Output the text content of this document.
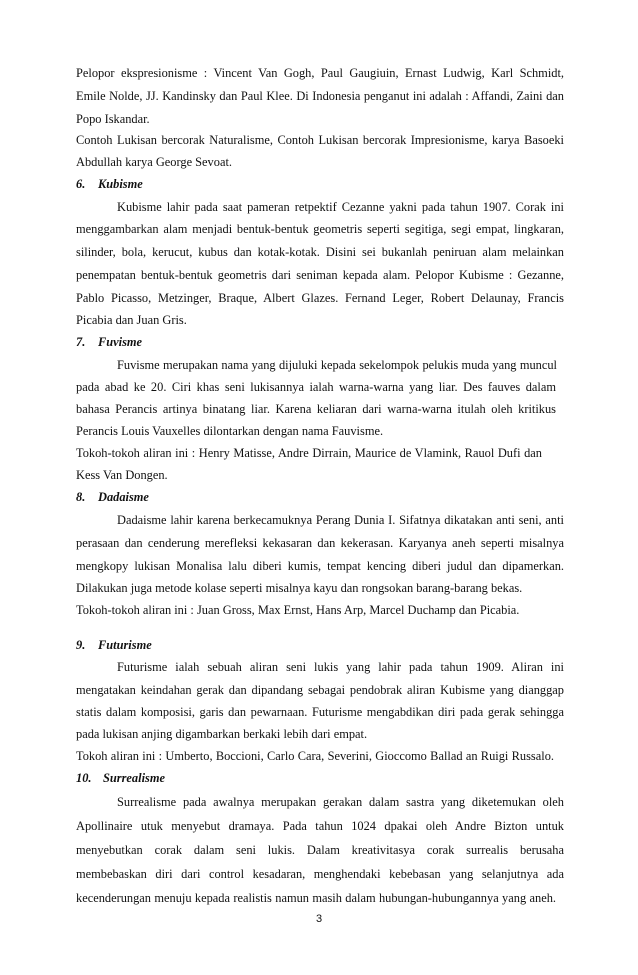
Pelopor ekspresionisme : Vincent Van Gogh, Paul Gaugiuin, Ernast Ludwig, Karl Schmidt,
Emile Nolde, JJ. Kandinsky dan Paul Klee. Di Indonesia penganut ini adalah : Affandi, Zaini dan
Popo Iskandar.
Contoh Lukisan bercorak Naturalisme, Contoh Lukisan bercorak Impresionisme, karya Basoeki
Abdullah karya George Sevoat.
6. Kubisme
Kubisme lahir pada saat pameran retpektif Cezanne yakni pada tahun 1907. Corak ini
menggambarkan alam menjadi bentuk-bentuk geometris seperti segitiga, segi empat, lingkaran,
silinder, bola, kerucut, kubus dan kotak-kotak. Disini sei bukanlah peniruan alam melainkan
penempatan bentuk-bentuk geometris dari seniman kepada alam. Pelopor Kubisme : Gezanne,
Pablo Picasso, Metzinger, Braque, Albert Glazes. Fernand Leger, Robert Delaunay, Francis
Picabia dan Juan Gris.
7. Fuvisme
Fuvisme merupakan nama yang dijuluki kepada sekelompok pelukis muda yang muncul
pada abad ke 20. Ciri khas seni lukisannya ialah warna-warna yang liar. Des fauves dalam
bahasa Perancis artinya binatang liar. Karena keliaran dari warna-warna itulah oleh kritikus
Perancis Louis Vauxelles dilontarkan dengan nama Fauvisme.
Tokoh-tokoh aliran ini : Henry Matisse, Andre Dirrain, Maurice de Vlamink, Rauol Dufi dan
Kess Van Dongen.
8. Dadaisme
Dadaisme lahir karena berkecamuknya Perang Dunia I. Sifatnya dikatakan anti seni, anti
perasaan dan cenderung merefleksi kekasaran dan kekerasan. Karyanya aneh seperti misalnya
mengkopy lukisan Monalisa lalu diberi kumis, tempat kencing diberi judul dan dipamerkan.
Dilakukan juga metode kolase seperti misalnya kayu dan rongsokan barang-barang bekas.
Tokoh-tokoh aliran ini : Juan Gross, Max Ernst, Hans Arp, Marcel Duchamp dan Picabia.
9. Futurisme
Futurisme ialah sebuah aliran seni lukis yang lahir pada tahun 1909. Aliran ini
mengatakan keindahan gerak dan dipandang sebagai pendobrak aliran Kubisme yang dianggap
statis dalam komposisi, garis dan pewarnaan. Futurisme mengabdikan diri pada gerak sehingga
pada lukisan anjing digambarkan berkaki lebih dari empat.
Tokoh aliran ini : Umberto, Boccioni, Carlo Cara, Severini, Gioccomo Ballad an Ruigi Russalo.
10. Surrealisme
Surrealisme pada awalnya merupakan gerakan dalam sastra yang diketemukan oleh
Apollinaire utuk menyebut dramaya. Pada tahun 1024 dpakai oleh Andre Bizton untuk
menyebutkan corak dalam seni lukis. Dalam kreativitasya corak surrealis berusaha
membebaskan diri dari control kesadaran, menghendaki kebebasan yang selanjutnya ada
kecenderungan menuju kepada realistis namun masih dalam hubungan-hubungannya yang aneh.
3
